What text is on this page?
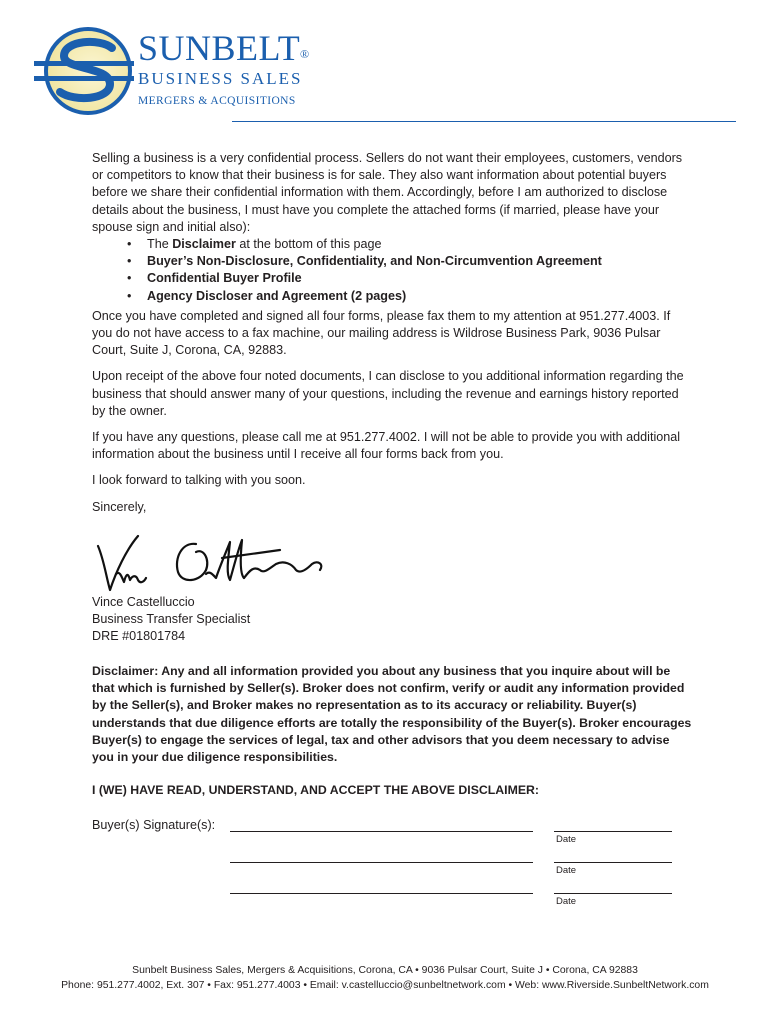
SUNBELT ®
BUSINESS SALES
MERGERS & ACQUISITIONS

Selling a business is a very confidential process. Sellers do not want their employees, customers, vendors or competitors to know that their business is for sale. They also want information about potential buyers before we share their confidential information with them. Accordingly, before I am authorized to disclose details about the business, I must have you complete the attached forms (if married, please have your spouse sign and initial also):

• The Disclaimer at the bottom of this page
• Buyer’s Non-Disclosure, Confidentiality, and Non-Circumvention Agreement
• Confidential Buyer Profile
• Agency Discloser and Agreement (2 pages)

Once you have completed and signed all four forms, please fax them to my attention at 951.277.4003. If you do not have access to a fax machine, our mailing address is Wildrose Business Park, 9036 Pulsar Court, Suite J, Corona, CA, 92883.

Upon receipt of the above four noted documents, I can disclose to you additional information regarding the business that should answer many of your questions, including the revenue and earnings history reported by the owner.

If you have any questions, please call me at 951.277.4002. I will not be able to provide you with additional information about the business until I receive all four forms back from you.

I look forward to talking with you soon.

Sincerely,

Vince Castelluccio
Business Transfer Specialist
DRE #01801784
Disclaimer: Any and all information provided you about any business that you inquire about will be that which is furnished by Seller(s). Broker does not confirm, verify or audit any information provided by the Seller(s), and Broker makes no representation as to its accuracy or reliability. Buyer(s) understands that due diligence efforts are totally the responsibility of the Buyer(s). Broker encourages Buyer(s) to engage the services of legal, tax and other advisors that you deem necessary to advise you in your due diligence responsibilities.
I (WE) HAVE READ, UNDERSTAND, AND ACCEPT THE ABOVE DISCLAIMER:
Buyer(s) Signature(s):
Date
Date
Date
Sunbelt Business Sales, Mergers & Acquisitions, Corona, CA • 9036 Pulsar Court, Suite J • Corona, CA 92883
Phone: 951.277.4002, Ext. 307 • Fax: 951.277.4003 • Email: v.castelluccio@sunbeltnetwork.com • Web: www.Riverside.SunbeltNetwork.com
